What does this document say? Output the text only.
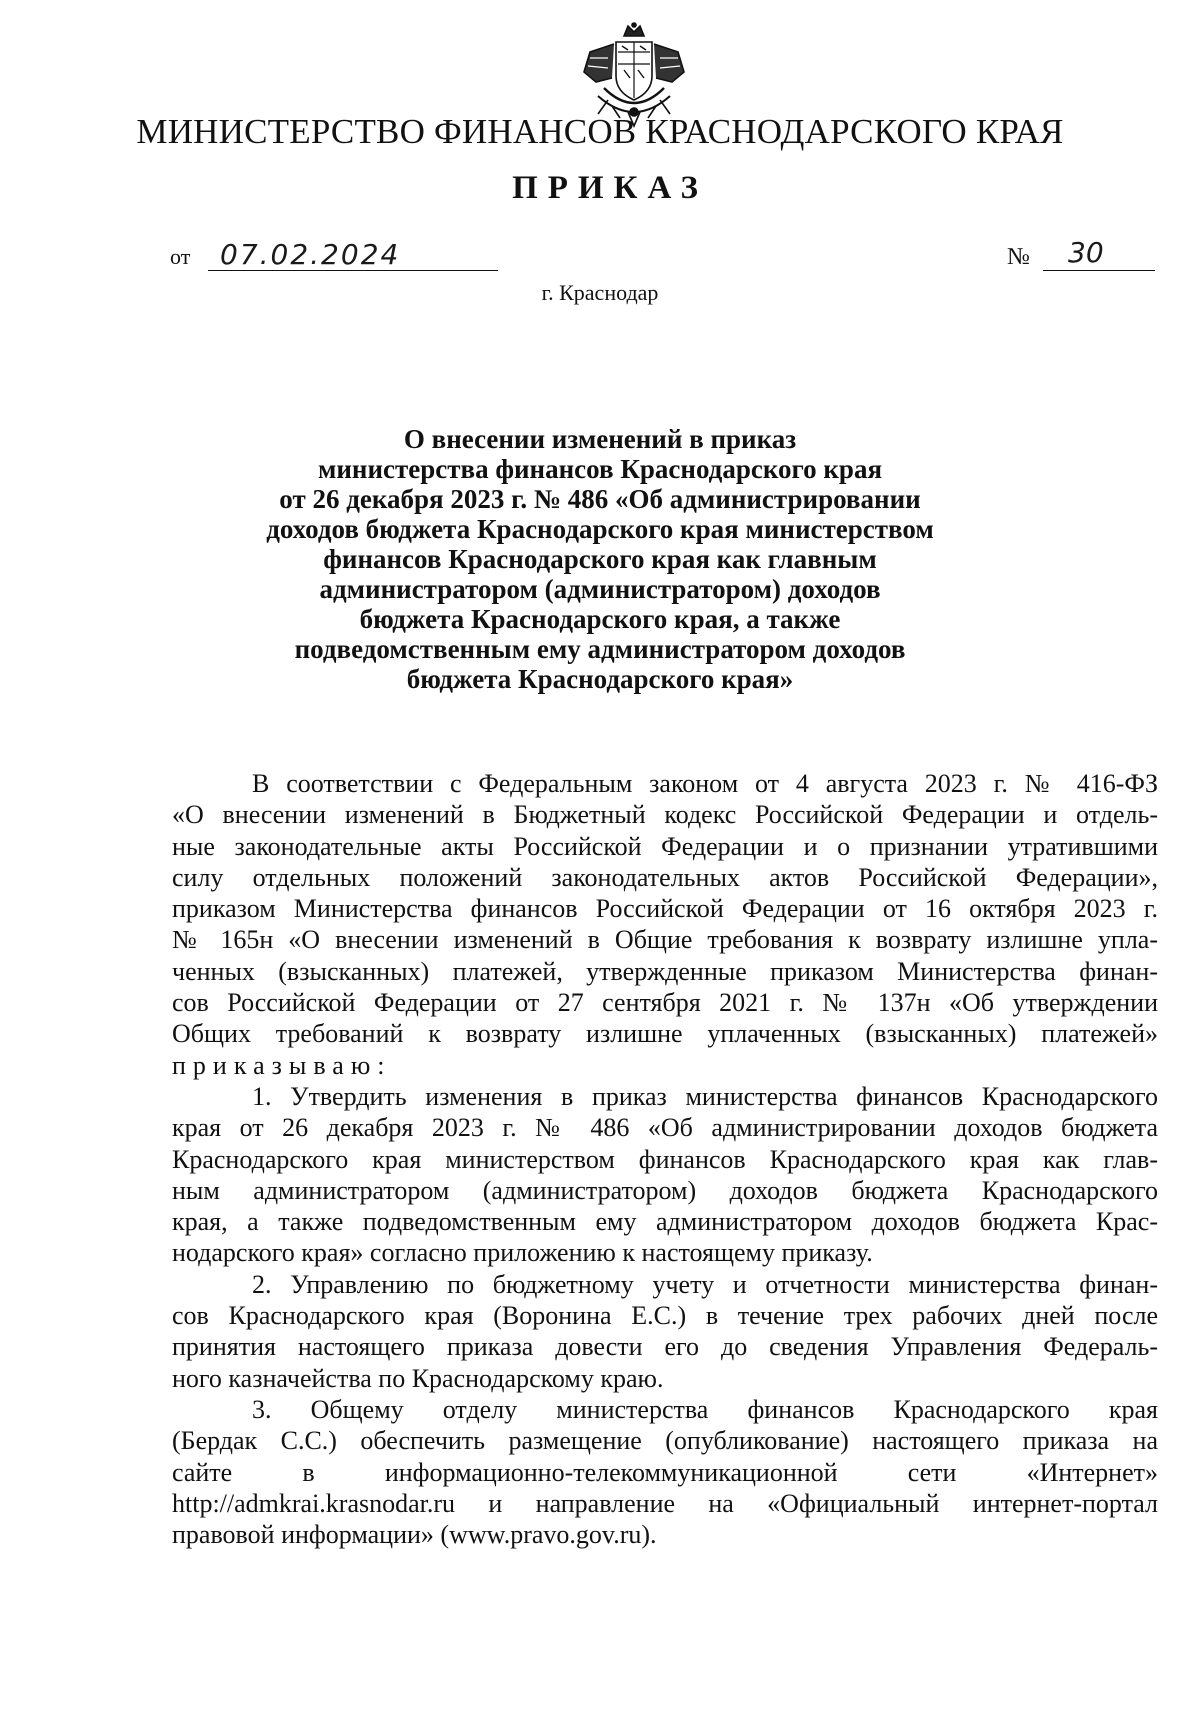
МИНИСТЕРСТВО ФИНАНСОВ КРАСНОДАРСКОГО КРАЯ
ПРИКАЗ
от 07.02.2024	№ 30
г. Краснодар
О внесении изменений в приказ
министерства финансов Краснодарского края
от 26 декабря 2023 г. № 486 «Об администрировании
доходов бюджета Краснодарского края министерством
финансов Краснодарского края как главным
администратором (администратором) доходов
бюджета Краснодарского края, а также
подведомственным ему администратором доходов
бюджета Краснодарского края»
В соответствии с Федеральным законом от 4 августа 2023 г. № 416-ФЗ
«О внесении изменений в Бюджетный кодекс Российской Федерации и отдель-
ные законодательные акты Российской Федерации и о признании утратившими
силу отдельных положений законодательных актов Российской Федерации»,
приказом Министерства финансов Российской Федерации от 16 октября 2023 г.
№ 165н «О внесении изменений в Общие требования к возврату излишне упла-
ченных (взысканных) платежей, утвержденные приказом Министерства финан-
сов Российской Федерации от 27 сентября 2021 г. № 137н «Об утверждении
Общих требований к возврату излишне уплаченных (взысканных) платежей»
приказываю:
1. Утвердить изменения в приказ министерства финансов Краснодарского
края от 26 декабря 2023 г. № 486 «Об администрировании доходов бюджета
Краснодарского края министерством финансов Краснодарского края как глав-
ным администратором (администратором) доходов бюджета Краснодарского
края, а также подведомственным ему администратором доходов бюджета Крас-
нодарского края» согласно приложению к настоящему приказу.
2. Управлению по бюджетному учету и отчетности министерства финан-
сов Краснодарского края (Воронина Е.С.) в течение трех рабочих дней после
принятия настоящего приказа довести его до сведения Управления Федераль-
ного казначейства по Краснодарскому краю.
3. Общему отделу министерства финансов Краснодарского края
(Бердак С.С.) обеспечить размещение (опубликование) настоящего приказа на
сайте в информационно-телекоммуникационной сети «Интернет»
http://admkrai.krasnodar.ru и направление на «Официальный интернет-портал
правовой информации» (www.pravo.gov.ru).
